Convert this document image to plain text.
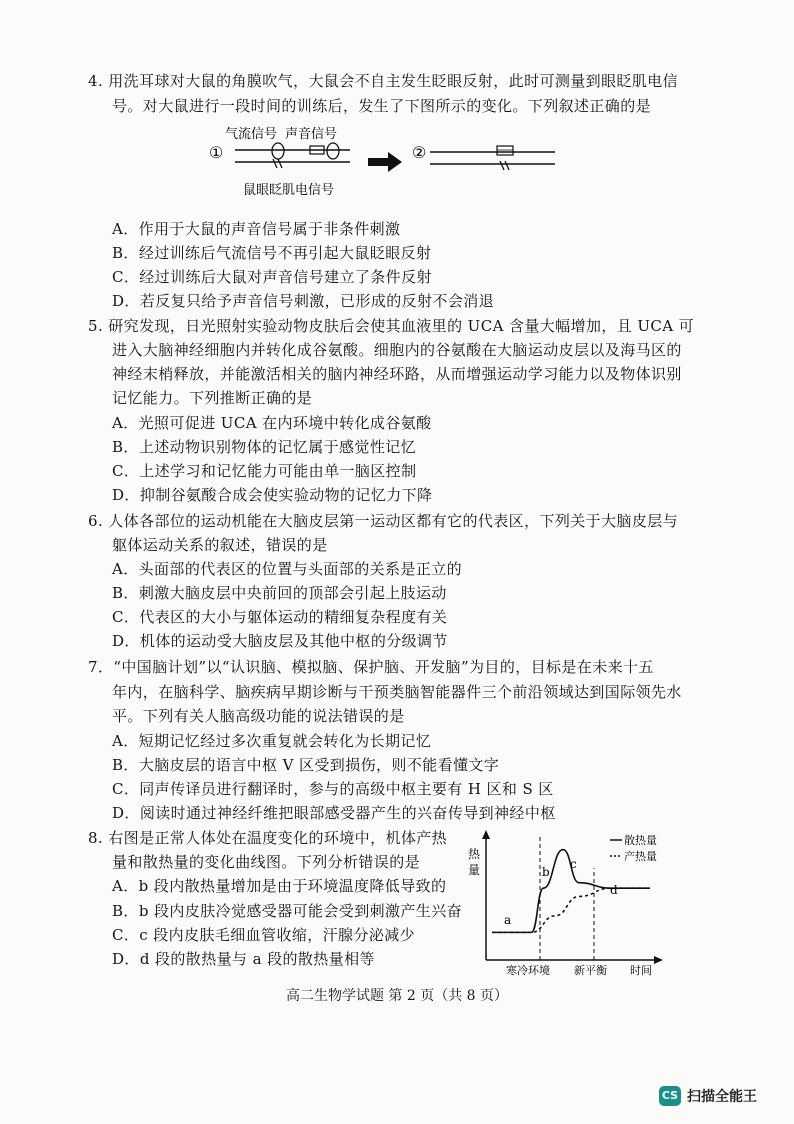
4. 用洗耳球对大鼠的角膜吹气，大鼠会不自主发生眨眼反射，此时可测量到眼眨肌电信
号。对大鼠进行一段时间的训练后，发生了下图所示的变化。下列叙述正确的是
①
气流信号 声音信号
鼠眼眨肌电信号
②
A．作用于大鼠的声音信号属于非条件刺激
B．经过训练后气流信号不再引起大鼠眨眼反射
C．经过训练后大鼠对声音信号建立了条件反射
D．若反复只给予声音信号刺激，已形成的反射不会消退
5. 研究发现，日光照射实验动物皮肤后会使其血液里的 UCA 含量大幅增加，且 UCA 可
进入大脑神经细胞内并转化成谷氨酸。细胞内的谷氨酸在大脑运动皮层以及海马区的
神经末梢释放，并能激活相关的脑内神经环路，从而增强运动学习能力以及物体识别
记忆能力。下列推断正确的是
A．光照可促进 UCA 在内环境中转化成谷氨酸
B．上述动物识别物体的记忆属于感觉性记忆
C．上述学习和记忆能力可能由单一脑区控制
D．抑制谷氨酸合成会使实验动物的记忆力下降
6. 人体各部位的运动机能在大脑皮层第一运动区都有它的代表区，下列关于大脑皮层与
躯体运动关系的叙述，错误的是
A．头面部的代表区的位置与头面部的关系是正立的
B．刺激大脑皮层中央前回的顶部会引起上肢运动
C．代表区的大小与躯体运动的精细复杂程度有关
D．机体的运动受大脑皮层及其他中枢的分级调节
7．“中国脑计划”以“认识脑、模拟脑、保护脑、开发脑”为目的，目标是在未来十五
年内，在脑科学、脑疾病早期诊断与干预类脑智能器件三个前沿领域达到国际领先水
平。下列有关人脑高级功能的说法错误的是
A．短期记忆经过多次重复就会转化为长期记忆
B．大脑皮层的语言中枢 V 区受到损伤，则不能看懂文字
C．同声传译员进行翻译时，参与的高级中枢主要有 H 区和 S 区
D．阅读时通过神经纤维把眼部感受器产生的兴奋传导到神经中枢
8. 右图是正常人体处在温度变化的环境中，机体产热
量和散热量的变化曲线图。下列分析错误的是
A．b 段内散热量增加是由于环境温度降低导致的
B．b 段内皮肤冷觉感受器可能会受到刺激产生兴奋
C．c 段内皮肤毛细血管收缩，汗腺分泌减少
D．d 段的散热量与 a 段的散热量相等
热
量
时间
散热量
产热量
a
b
c
d
寒冷环境 新平衡
高二生物学试题 第 2 页（共 8 页）
CS 扫描全能王
